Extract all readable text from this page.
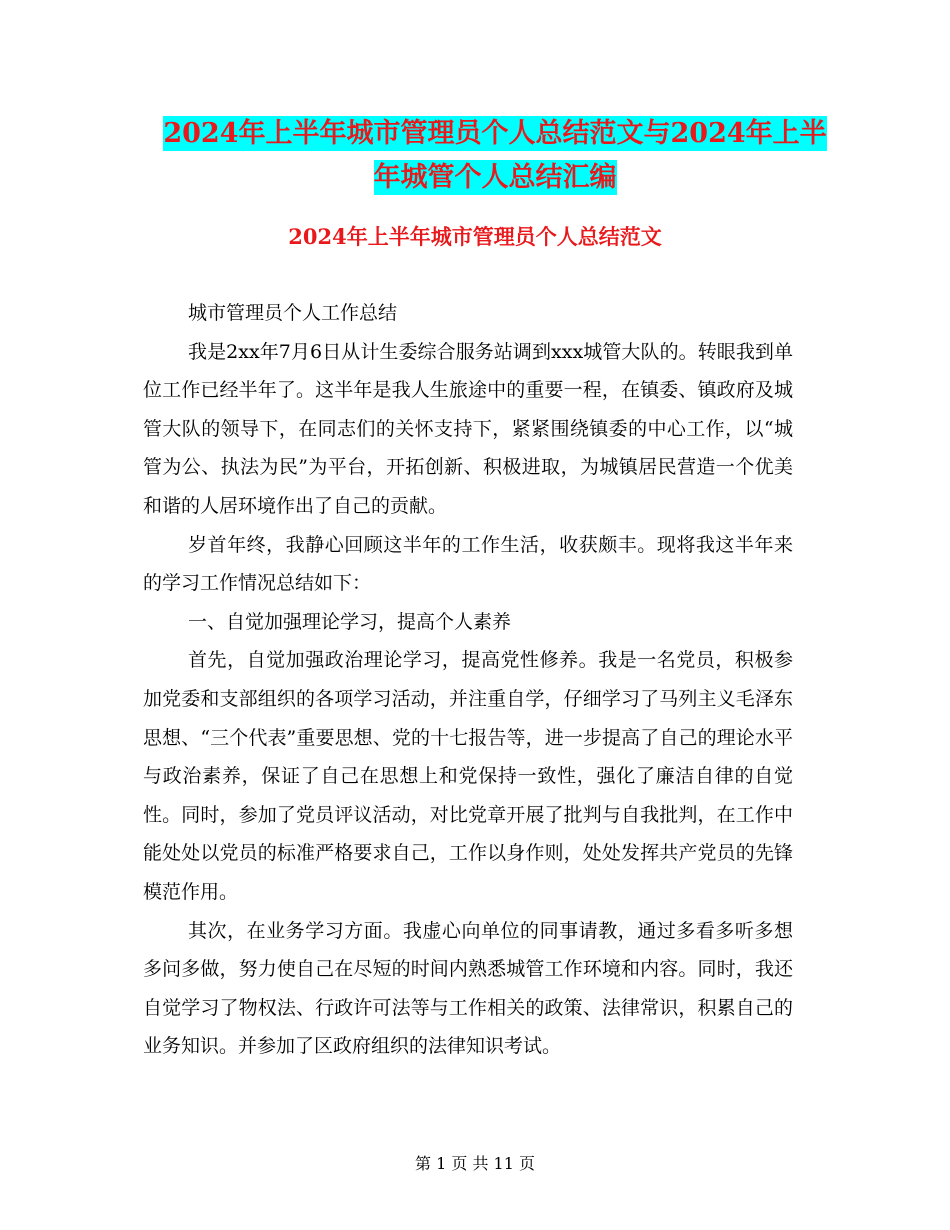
2024年上半年城市管理员个人总结范文与2024年上半
年城管个人总结汇编
2024年上半年城市管理员个人总结范文

城市管理员个人工作总结

我是2xx年7月6日从计生委综合服务站调到xxx城管大队的。转眼我到单位工作已经半年了。这半年是我人生旅途中的重要一程，在镇委、镇政府及城管大队的领导下，在同志们的关怀支持下，紧紧围绕镇委的中心工作，以“城管为公、执法为民”为平台，开拓创新、积极进取，为城镇居民营造一个优美和谐的人居环境作出了自己的贡献。

岁首年终，我静心回顾这半年的工作生活，收获颇丰。现将我这半年来的学习工作情况总结如下：

一、自觉加强理论学习，提高个人素养

首先，自觉加强政治理论学习，提高党性修养。我是一名党员，积极参加党委和支部组织的各项学习活动，并注重自学，仔细学习了马列主义毛泽东思想、“三个代表”重要思想、党的十七报告等，进一步提高了自己的理论水平与政治素养，保证了自己在思想上和党保持一致性，强化了廉洁自律的自觉性。同时，参加了党员评议活动，对比党章开展了批判与自我批判，在工作中能处处以党员的标准严格要求自己，工作以身作则，处处发挥共产党员的先锋模范作用。

其次，在业务学习方面。我虚心向单位的同事请教，通过多看多听多想多问多做，努力使自己在尽短的时间内熟悉城管工作环境和内容。同时，我还自觉学习了物权法、行政许可法等与工作相关的政策、法律常识，积累自己的业务知识。并参加了区政府组织的法律知识考试。

第 1 页 共 11 页
